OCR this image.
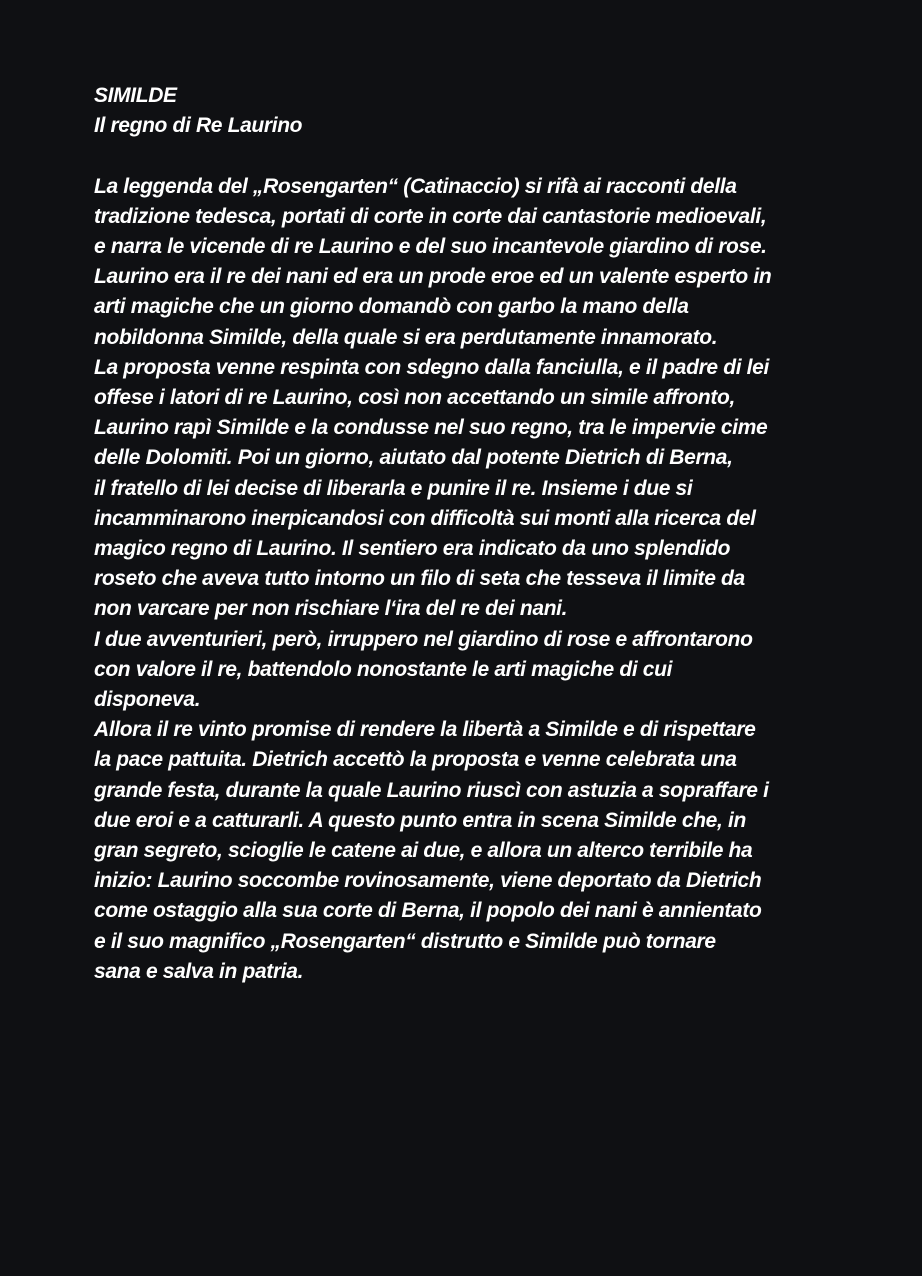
SIMILDE
Il regno di Re Laurino
La leggenda del „Rosengarten“ (Catinaccio) si rifà ai racconti della
tradizione tedesca, portati di corte in corte dai cantastorie medioevali,
e narra le vicende di re Laurino e del suo incantevole giardino di rose.
Laurino era il re dei nani ed era un prode eroe ed un valente esperto in
arti magiche che un giorno domandò con garbo la mano della
nobildonna Similde, della quale si era perdutamente innamorato.
La proposta venne respinta con sdegno dalla fanciulla, e il padre di lei
offese i latori di re Laurino, così non accettando un simile affronto,
Laurino rapì Similde e la condusse nel suo regno, tra le impervie cime
delle Dolomiti. Poi un giorno, aiutato dal potente Dietrich di Berna,
il fratello di lei decise di liberarla e punire il re. Insieme i due si
incamminarono inerpicandosi con difficoltà sui monti alla ricerca del
magico regno di Laurino. Il sentiero era indicato da uno splendido
roseto che aveva tutto intorno un filo di seta che tesseva il limite da
non varcare per non rischiare l‘ira del re dei nani.
I due avventurieri, però, irruppero nel giardino di rose e affrontarono
con valore il re, battendolo nonostante le arti magiche di cui
disponeva.
Allora il re vinto promise di rendere la libertà a Similde e di rispettare
la pace pattuita. Dietrich accettò la proposta e venne celebrata una
grande festa, durante la quale Laurino riuscì con astuzia a sopraffare i
due eroi e a catturarli. A questo punto entra in scena Similde che, in
gran segreto, scioglie le catene ai due, e allora un alterco terribile ha
inizio: Laurino soccombe rovinosamente, viene deportato da Dietrich
come ostaggio alla sua corte di Berna, il popolo dei nani è annientato
e il suo magnifico „Rosengarten“ distrutto e Similde può tornare
sana e salva in patria.
